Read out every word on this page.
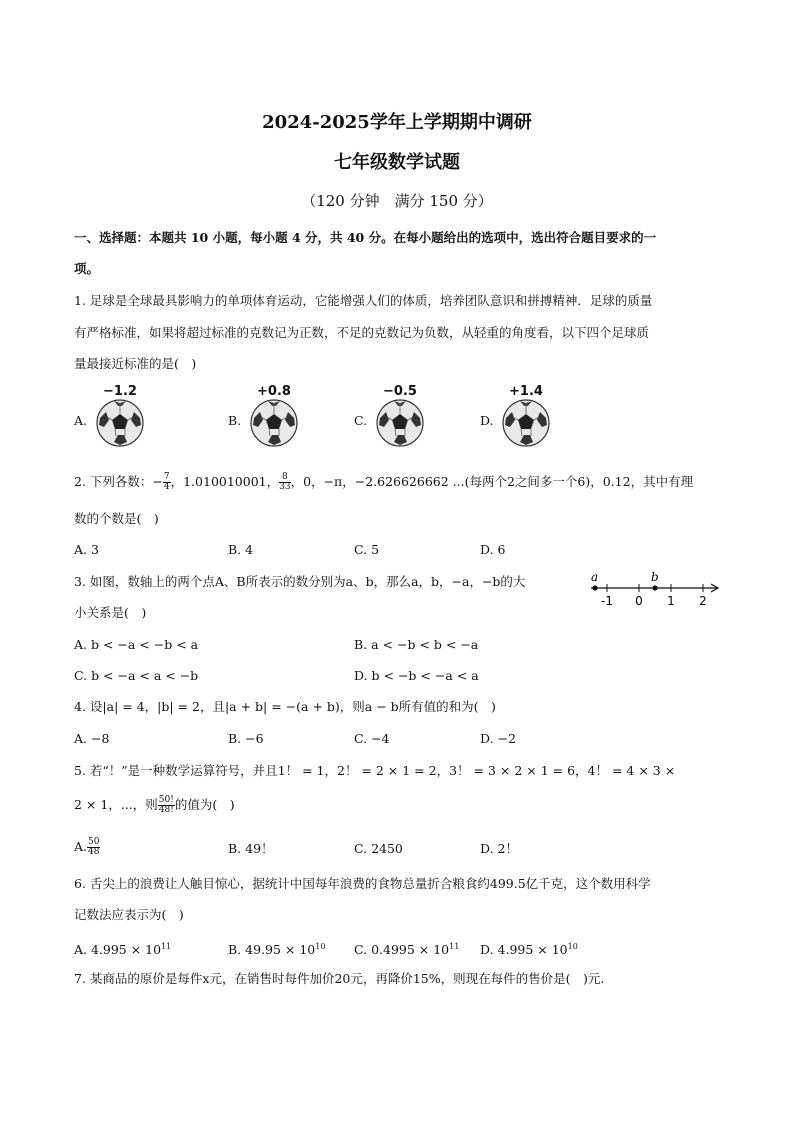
2024-2025学年上学期期中调研
七年级数学试题
（120 分钟　满分 150 分）
一、选择题：本题共 10 小题，每小题 4 分，共 40 分。在每小题给出的选项中，选出符合题目要求的一
项。
1. 足球是全球最具影响力的单项体育运动，它能增强人们的体质，培养团队意识和拼搏精神．足球的质量
有严格标准，如果将超过标准的克数记为正数，不足的克数记为负数，从轻重的角度看，以下四个足球质
量最接近标准的是(　)
A.
−1.2
B.
+0.8
C.
−0.5
D.
+1.4
2. 下列各数：− $\frac{7}{4}$ ，1.010010001， $\frac{8}{33}$ ，0，−π，−2.626626662 ...(每两个2之间多一个6)，0.12，其中有理
数的个数是(　)
A. 3	B. 4	C. 5	D. 6
3. 如图，数轴上的两个点A、B所表示的数分别为a、b，那么a，b，−a，−b的大
小关系是(　)
-1 0 1 2
a	b
A. b < −a < −b < a	B. a < −b < b < −a
C. b < −a < a < −b	D. b < −b < −a < a
4. 设|a| = 4，|b| = 2，且|a + b| = −(a + b)，则a − b所有值的和为(　)
A. −8	B. −6	C. −4	D. −2
5. 若“！”是一种数学运算符号，并且1！ = 1，2！ = 2 × 1 = 2，3！ = 3 × 2 × 1 = 6，4！ = 4 × 3 ×
2 × 1，...，则 $\frac{50!}{48!}$ 的值为(　)
A. $\frac{50}{48}$	B. 49！	C. 2450	D. 2！
6. 舌尖上的浪费让人触目惊心，据统计中国每年浪费的食物总量折合粮食约499.5亿千克，这个数用科学
记数法应表示为(　)
A. $4.995 \times 10^{11}$	B. $49.95 \times 10^{10}$ C. $0.4995 \times 10^{11}$ D. $4.995 \times 10^{10}$
7. 某商品的原价是每件x元，在销售时每件加价20元，再降价15%，则现在每件的售价是(　)元.
